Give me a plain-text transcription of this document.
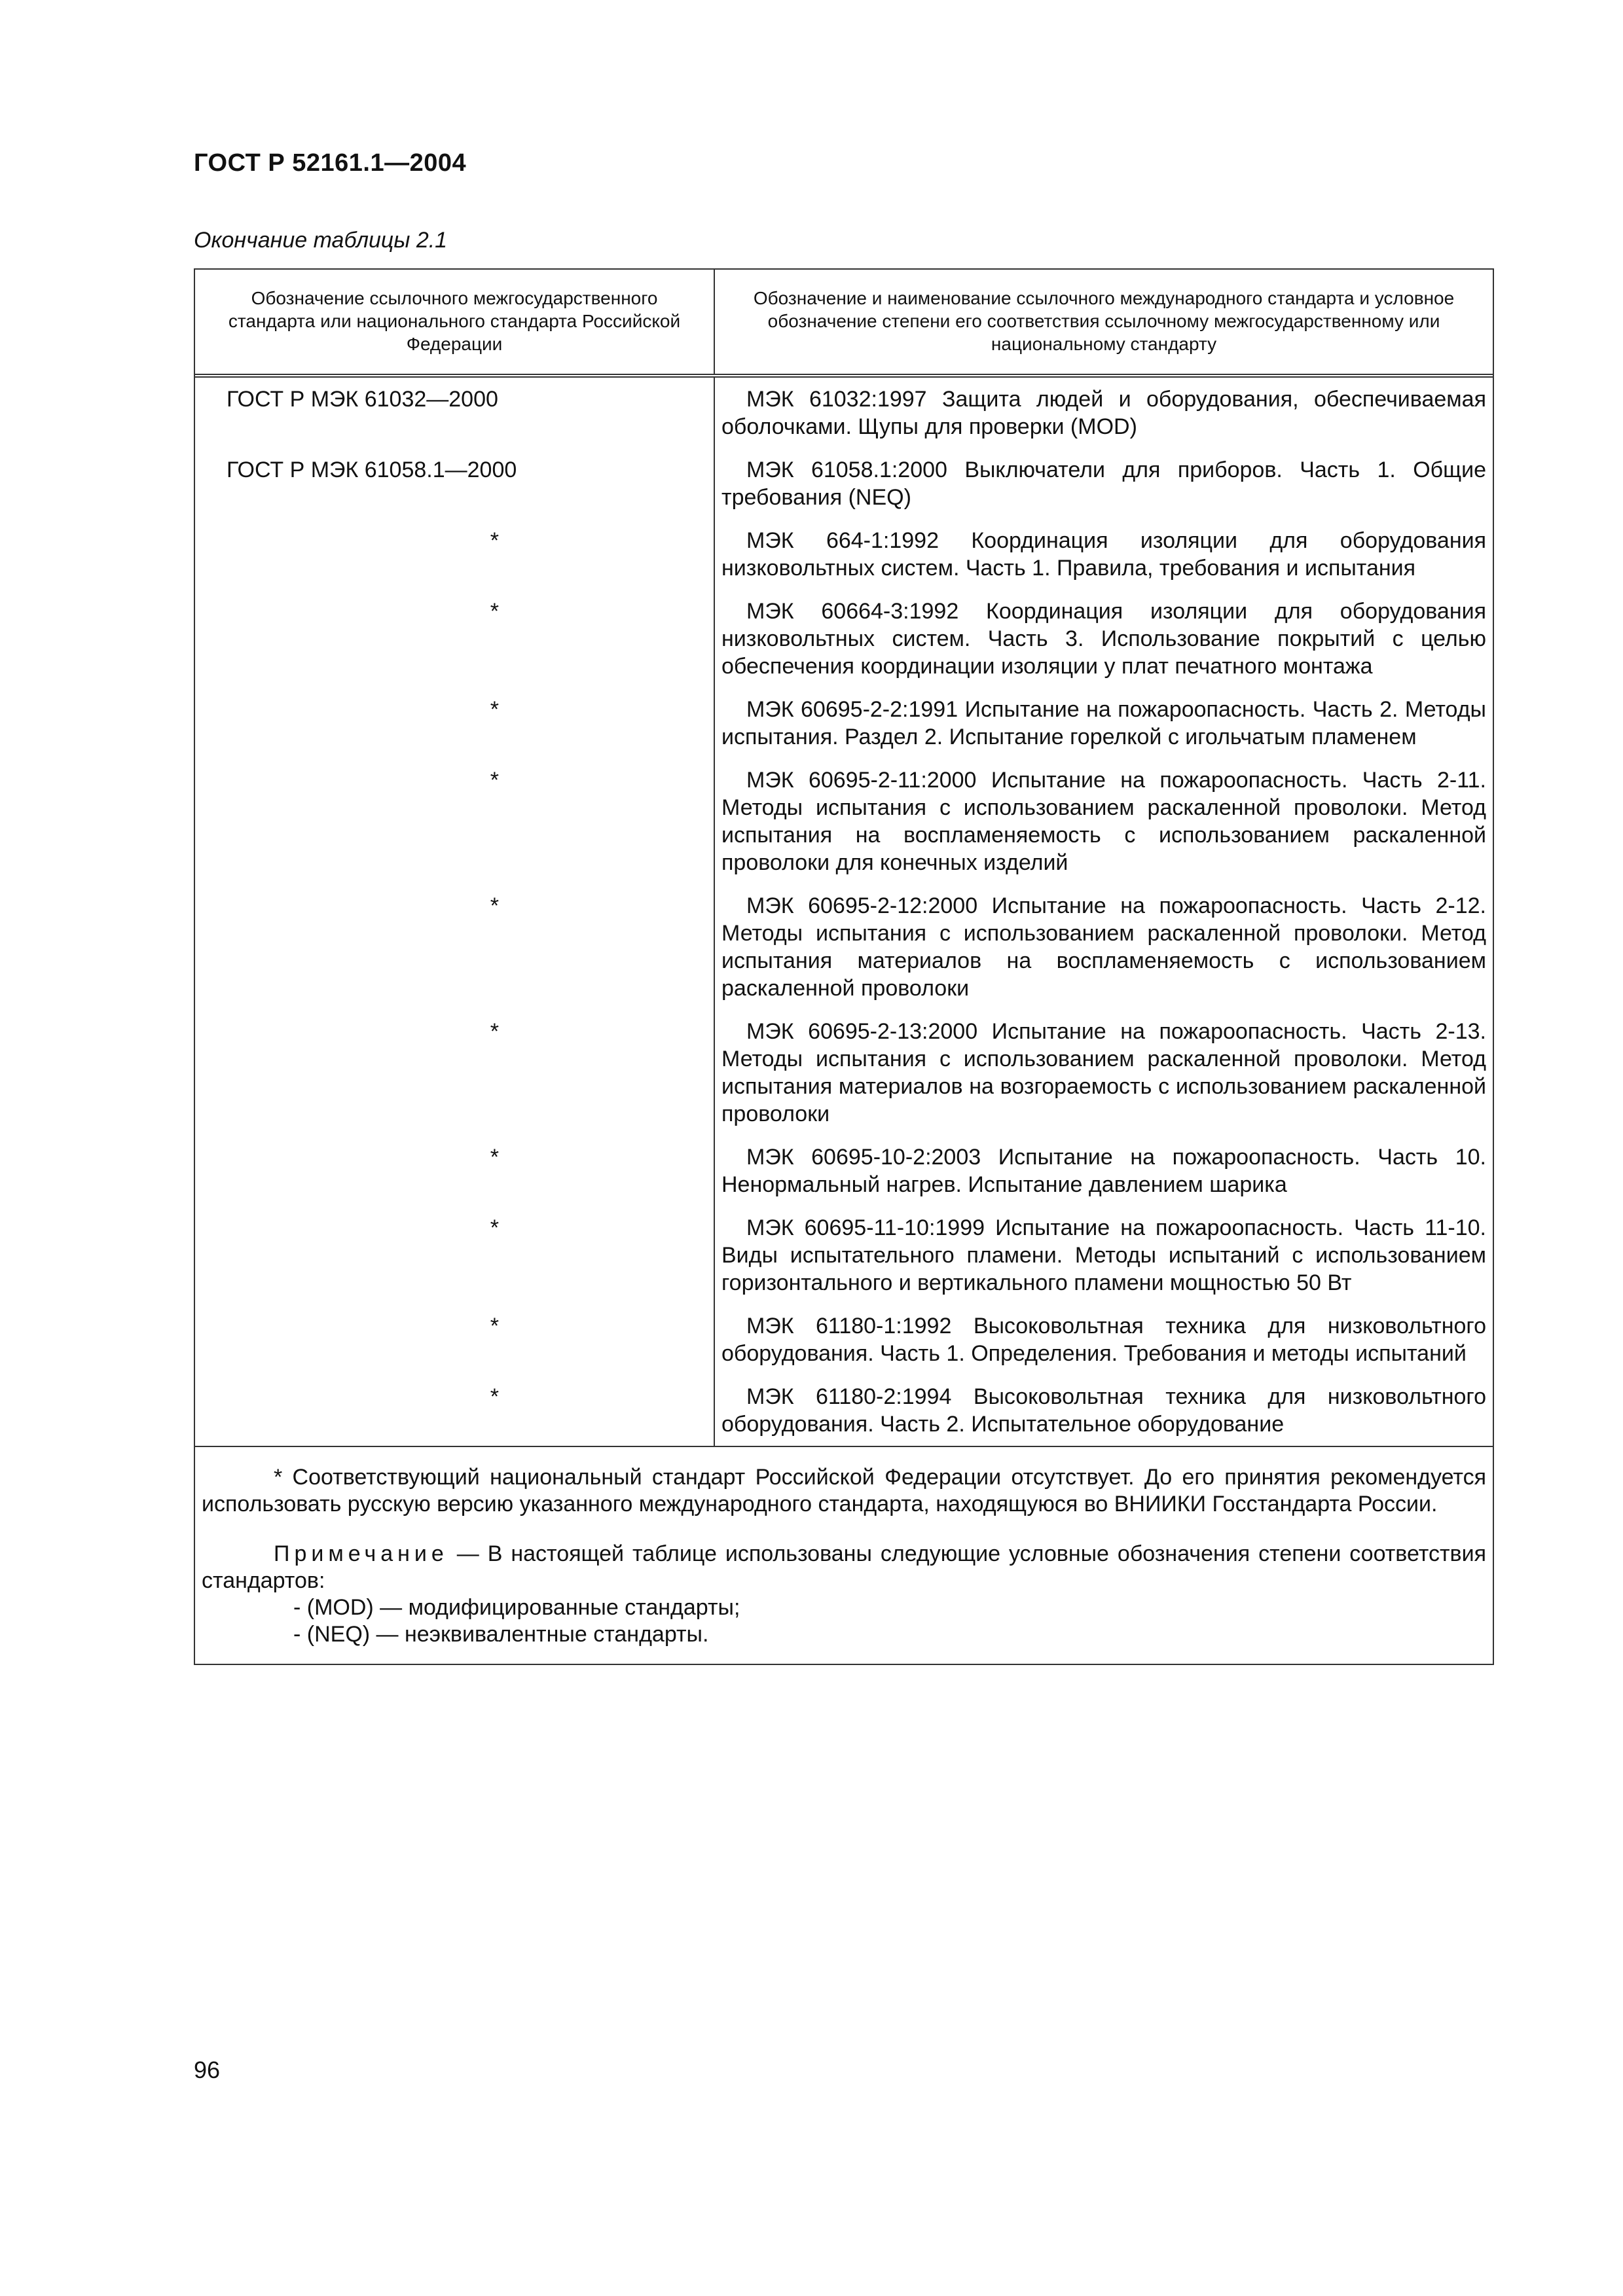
ГОСТ Р 52161.1—2004
Окончание таблицы 2.1
Обозначение ссылочного межгосударственного стандарта или национального стандарта Российской Федерации	Обозначение и наименование ссылочного международного стандарта и условное обозначение степени его соответствия ссылочному межгосударственному или национальному стандарту
ГОСТ Р МЭК 61032—2000	МЭК 61032:1997 Защита людей и оборудования, обеспечиваемая оболочками. Щупы для проверки (MOD)
ГОСТ Р МЭК 61058.1—2000	МЭК 61058.1:2000 Выключатели для приборов. Часть 1. Общие требования (NEQ)
*	МЭК 664-1:1992 Координация изоляции для оборудования низковольтных систем. Часть 1. Правила, требования и испытания
*	МЭК 60664-3:1992 Координация изоляции для оборудования низковольтных систем. Часть 3. Использование покрытий с целью обеспечения координации изоляции у плат печатного монтажа
*	МЭК 60695-2-2:1991 Испытание на пожароопасность. Часть 2. Методы испытания. Раздел 2. Испытание горелкой с игольчатым пламенем
*	МЭК 60695-2-11:2000 Испытание на пожароопасность. Часть 2-11. Методы испытания с использованием раскаленной проволоки. Метод испытания на воспламеняемость с использованием раскаленной проволоки для конечных изделий
*	МЭК 60695-2-12:2000 Испытание на пожароопасность. Часть 2-12. Методы испытания с использованием раскаленной проволоки. Метод испытания материалов на воспламеняемость с использованием раскаленной проволоки
*	МЭК 60695-2-13:2000 Испытание на пожароопасность. Часть 2-13. Методы испытания с использованием раскаленной проволоки. Метод испытания материалов на возгораемость с использованием раскаленной проволоки
*	МЭК 60695-10-2:2003 Испытание на пожароопасность. Часть 10. Ненормальный нагрев. Испытание давлением шарика
*	МЭК 60695-11-10:1999 Испытание на пожароопасность. Часть 11-10. Виды испытательного пламени. Методы испытаний с использованием горизонтального и вертикального пламени мощностью 50 Вт
*	МЭК 61180-1:1992 Высоковольтная техника для низковольтного оборудования. Часть 1. Определения. Требования и методы испытаний
*	МЭК 61180-2:1994 Высоковольтная техника для низковольтного оборудования. Часть 2. Испытательное оборудование

* Соответствующий национальный стандарт Российской Федерации отсутствует. До его принятия рекомендуется использовать русскую версию указанного международного стандарта, находящуюся во ВНИИКИ Госстандарта России.

Примечание — В настоящей таблице использованы следующие условные обозначения степени соответствия стандартов:

- (MOD) — модифицированные стандарты;
- (NEQ) — неэквивалентные стандарты.
96
